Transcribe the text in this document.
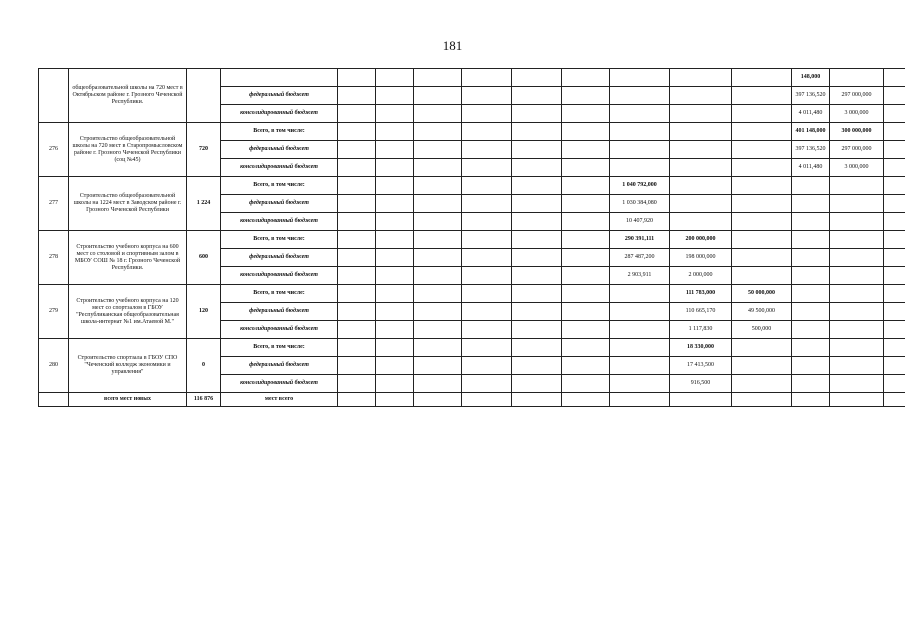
181
	общеобразовательной школы на 720 мест в Октябрьском районе г. Грозного Чеченской Республики.												148,000		
			федеральный бюджет										397 136,520	297 000,000	
			консолидированный бюджет										4 011,480	3 000,000	
276	Строительство общеобразовательной школы на 720 мест в Старопромысловском районе г. Грозного Чеченской Республики (соц №45)	720	Всего, в том числе:										401 148,000	300 000,000	
			федеральный бюджет										397 136,520	297 000,000	
			консолидированный бюджет										4 011,480	3 000,000	
277	Строительство общеобразовательной школы на 1224 мест в Заводском районе г. Грозного Чеченской Республики	1 224	Всего, в том числе:							1 040 792,000					
			федеральный бюджет							1 030 384,080					
			консолидированный бюджет							10 407,920					
278	Строительство учебного корпуса на 600 мест со столовой и спортивным залом в МБОУ СОШ № 18 г. Грозного Чеченской Республики.	600	Всего, в том числе:							290 391,111	200 000,000				
			федеральный бюджет							287 487,200	198 000,000				
			консолидированный бюджет							2 903,911	2 000,000				
279	Строительство учебного корпуса на 120 мест со спортзалом в ГБОУ "Республиканская общеобразовательная школа-интернат №1 им.Атаевой М."	120	Всего, в том числе:								111 783,000	50 000,000			
			федеральный бюджет								110 665,170	49 500,000			
			консолидированный бюджет								1 117,830	500,000			
280	Строительство спортзала в ГБОУ СПО "Чеченский колледж экономики и управления"	0	Всего, в том числе:								18 330,000				
			федеральный бюджет								17 413,500				
			консолидированный бюджет								916,500				
	всего мест новых	116 876	мест всего												
